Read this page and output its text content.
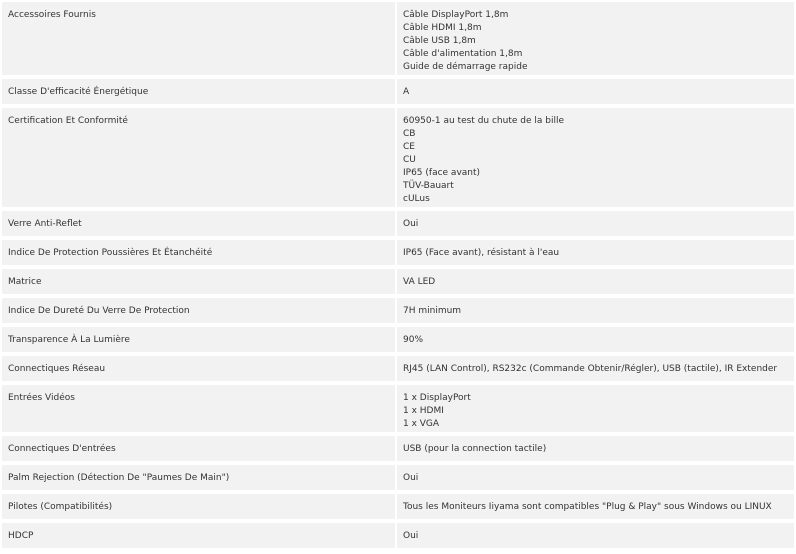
Accessoires Fournis	Câble DisplayPort 1,8m
Câble HDMI 1,8m
Câble USB 1,8m
Câble d'alimentation 1,8m
Guide de démarrage rapide
Classe D'efficacité Énergétique	A
Certification Et Conformité	60950-1 au test du chute de la bille
CB
CE
CU
IP65 (face avant)
TÜV-Bauart
cULus
Verre Anti-Reflet	Oui
Indice De Protection Poussières Et Étanchéité	IP65 (Face avant), résistant à l'eau
Matrice	VA LED
Indice De Dureté Du Verre De Protection	7H minimum
Transparence À La Lumière	90%
Connectiques Réseau	RJ45 (LAN Control), RS232c (Commande Obtenir/Régler), USB (tactile), IR Extender
Entrées Vidéos	1 x DisplayPort
1 x HDMI
1 x VGA
Connectiques D'entrées	USB (pour la connection tactile)
Palm Rejection (Détection De "Paumes De Main")	Oui
Pilotes (Compatibilités)	Tous les Moniteurs Iiyama sont compatibles "Plug & Play" sous Windows ou LINUX
HDCP	Oui
